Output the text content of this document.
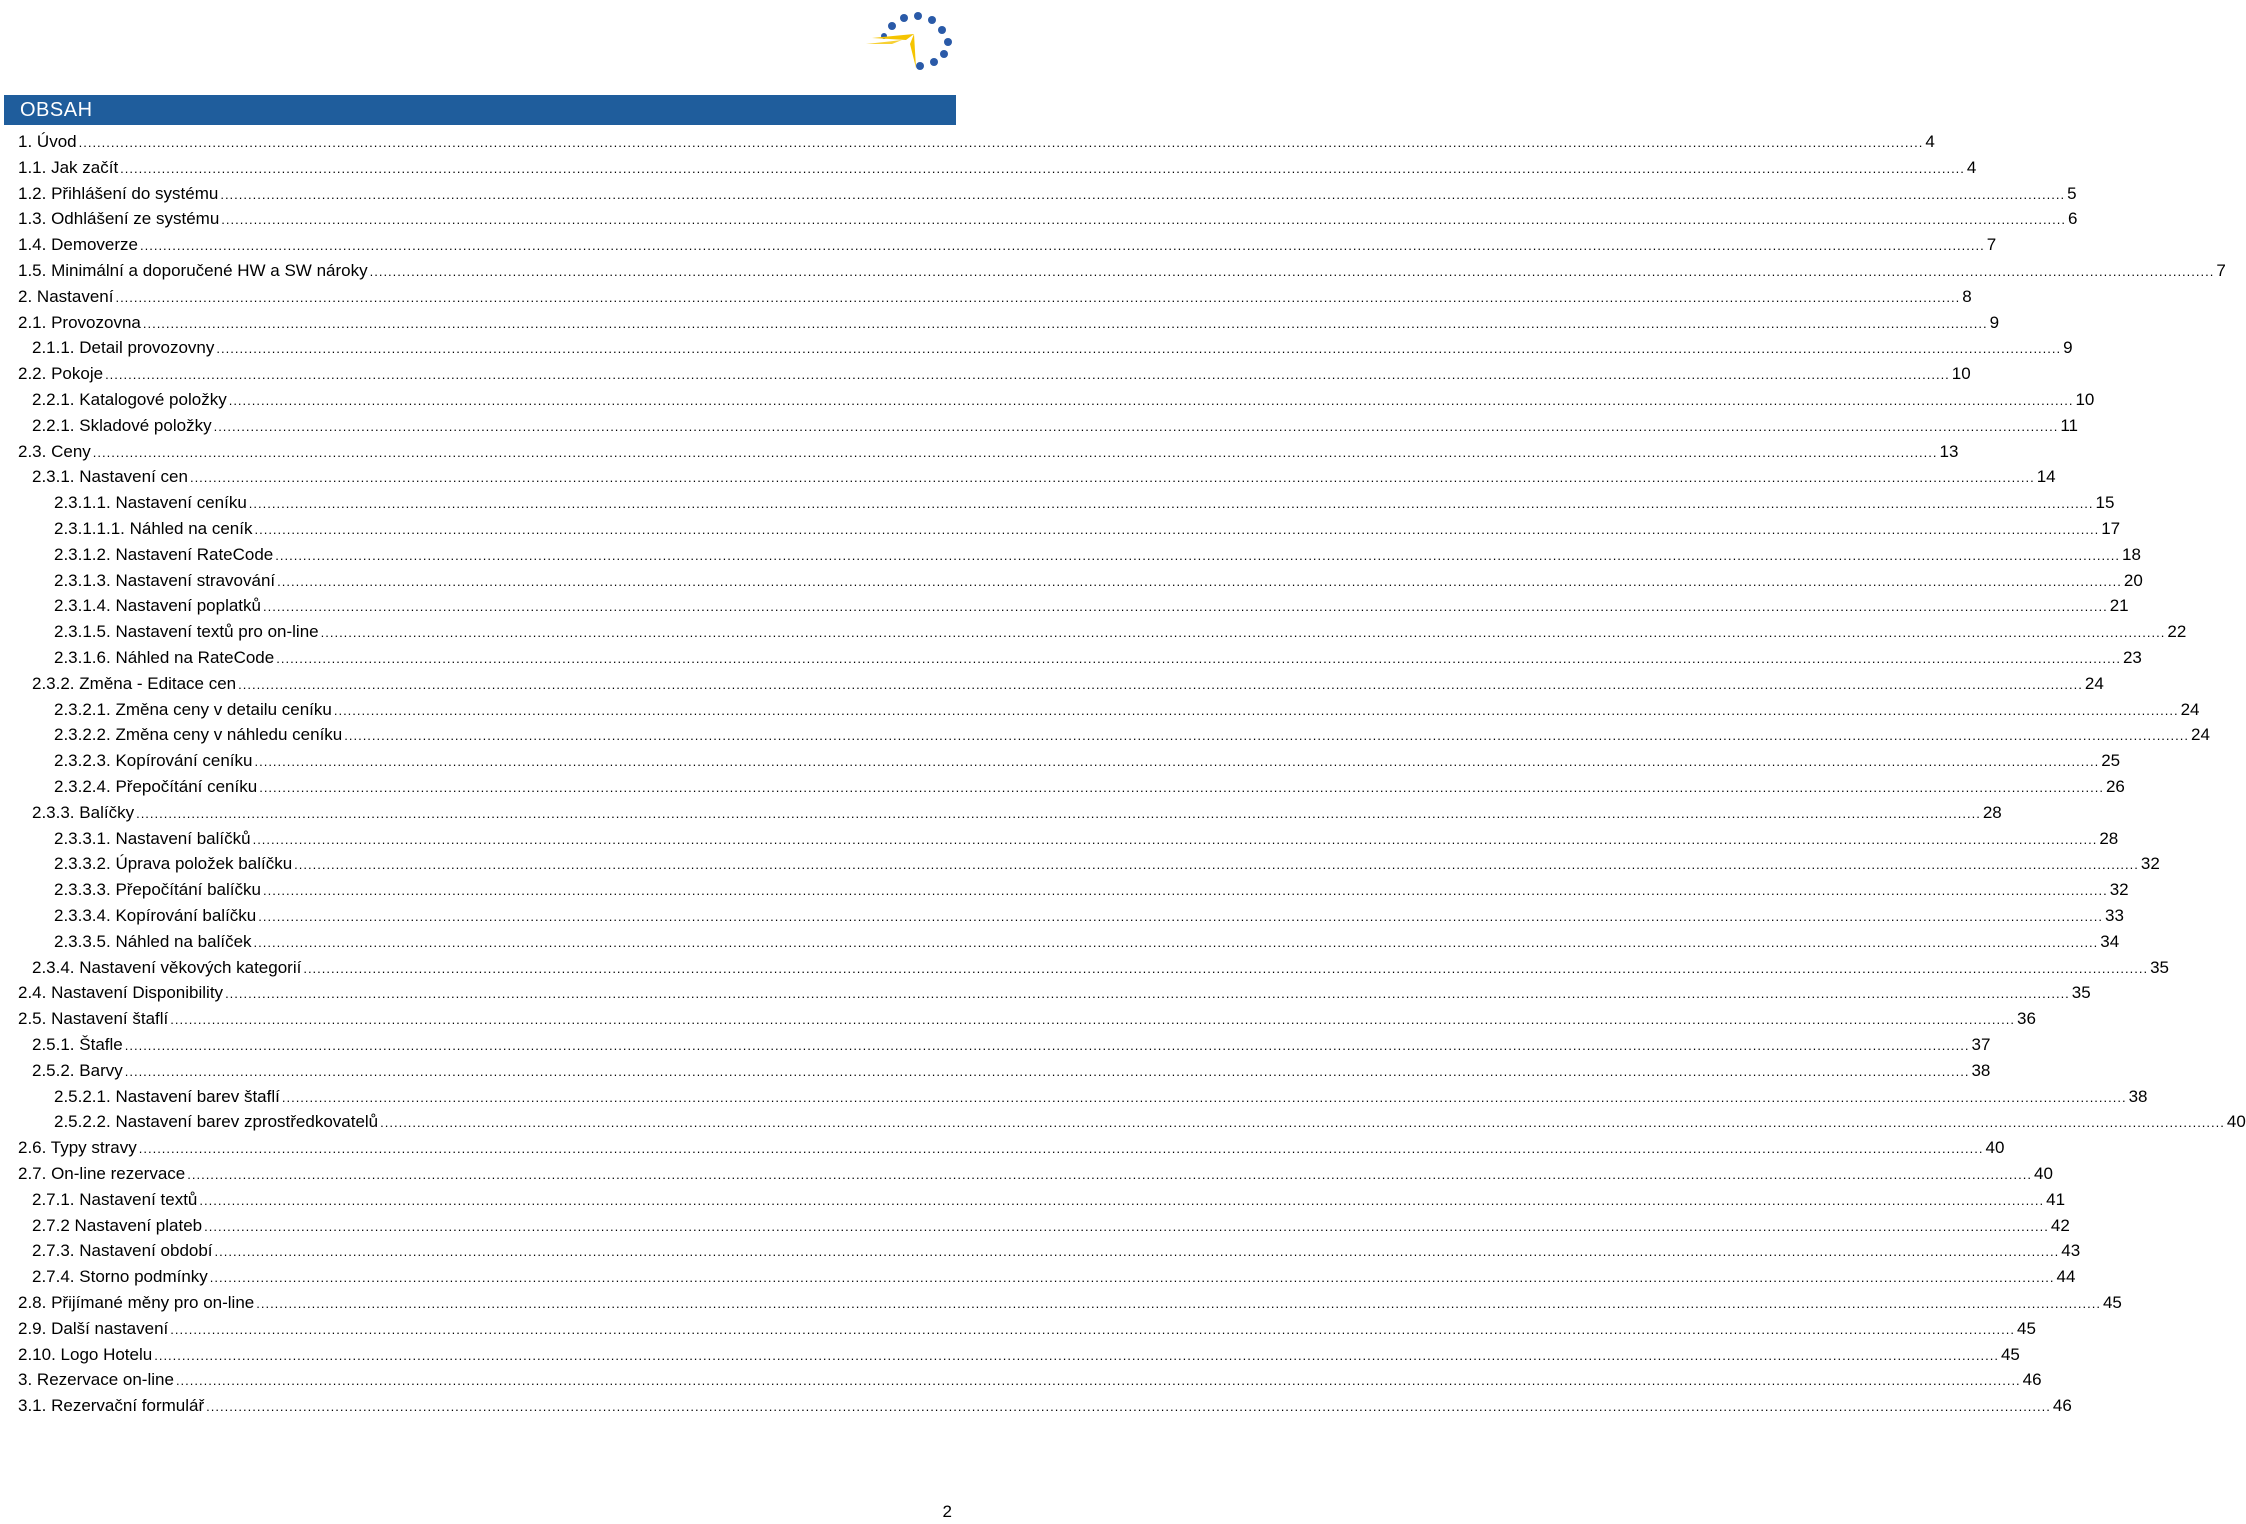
OBSAH
1. Úvod ................................................................................................................................................................................................................................................................................................................................................................................................................ 4
1.1. Jak začít ................................................................................................................................................................................................................................................................................................................................................................................................................ 4
1.2. Přihlášení do systému ................................................................................................................................................................................................................................................................................................................................................................................................................ 5
1.3. Odhlášení ze systému ................................................................................................................................................................................................................................................................................................................................................................................................................ 6
1.4. Demoverze ................................................................................................................................................................................................................................................................................................................................................................................................................ 7
1.5. Minimální a doporučené HW a SW nároky ................................................................................................................................................................................................................................................................................................................................................................................................................ 7
2. Nastavení ................................................................................................................................................................................................................................................................................................................................................................................................................ 8
2.1. Provozovna ................................................................................................................................................................................................................................................................................................................................................................................................................ 9
2.1.1. Detail provozovny ................................................................................................................................................................................................................................................................................................................................................................................................................ 9
2.2. Pokoje ................................................................................................................................................................................................................................................................................................................................................................................................................ 10
2.2.1. Katalogové položky ................................................................................................................................................................................................................................................................................................................................................................................................................ 10
2.2.1. Skladové položky ................................................................................................................................................................................................................................................................................................................................................................................................................ 11
2.3. Ceny ................................................................................................................................................................................................................................................................................................................................................................................................................ 13
2.3.1. Nastavení cen ................................................................................................................................................................................................................................................................................................................................................................................................................ 14
2.3.1.1. Nastavení ceníku ................................................................................................................................................................................................................................................................................................................................................................................................................ 15
2.3.1.1.1. Náhled na ceník ................................................................................................................................................................................................................................................................................................................................................................................................................ 17
2.3.1.2. Nastavení RateCode ................................................................................................................................................................................................................................................................................................................................................................................................................ 18
2.3.1.3. Nastavení stravování ................................................................................................................................................................................................................................................................................................................................................................................................................ 20
2.3.1.4. Nastavení poplatků ................................................................................................................................................................................................................................................................................................................................................................................................................ 21
2.3.1.5. Nastavení textů pro on-line ................................................................................................................................................................................................................................................................................................................................................................................................................ 22
2.3.1.6. Náhled na RateCode ................................................................................................................................................................................................................................................................................................................................................................................................................ 23
2.3.2. Změna - Editace cen ................................................................................................................................................................................................................................................................................................................................................................................................................ 24
2.3.2.1. Změna ceny v detailu ceníku ................................................................................................................................................................................................................................................................................................................................................................................................................ 24
2.3.2.2. Změna ceny v náhledu ceníku ................................................................................................................................................................................................................................................................................................................................................................................................................ 24
2.3.2.3. Kopírování ceníku ................................................................................................................................................................................................................................................................................................................................................................................................................ 25
2.3.2.4. Přepočítání ceníku ................................................................................................................................................................................................................................................................................................................................................................................................................ 26
2.3.3. Balíčky ................................................................................................................................................................................................................................................................................................................................................................................................................ 28
2.3.3.1. Nastavení balíčků ................................................................................................................................................................................................................................................................................................................................................................................................................ 28
2.3.3.2. Úprava položek balíčku ................................................................................................................................................................................................................................................................................................................................................................................................................ 32
2.3.3.3. Přepočítání balíčku ................................................................................................................................................................................................................................................................................................................................................................................................................ 32
2.3.3.4. Kopírování balíčku ................................................................................................................................................................................................................................................................................................................................................................................................................ 33
2.3.3.5. Náhled na balíček ................................................................................................................................................................................................................................................................................................................................................................................................................ 34
2.3.4. Nastavení věkových kategorií ................................................................................................................................................................................................................................................................................................................................................................................................................ 35
2.4. Nastavení Disponibility ................................................................................................................................................................................................................................................................................................................................................................................................................ 35
2.5. Nastavení štaflí ................................................................................................................................................................................................................................................................................................................................................................................................................ 36
2.5.1. Štafle ................................................................................................................................................................................................................................................................................................................................................................................................................ 37
2.5.2. Barvy ................................................................................................................................................................................................................................................................................................................................................................................................................ 38
2.5.2.1. Nastavení barev štaflí ................................................................................................................................................................................................................................................................................................................................................................................................................ 38
2.5.2.2. Nastavení barev zprostředkovatelů ................................................................................................................................................................................................................................................................................................................................................................................................................ 40
2.6. Typy stravy ................................................................................................................................................................................................................................................................................................................................................................................................................ 40
2.7. On-line rezervace ................................................................................................................................................................................................................................................................................................................................................................................................................ 40
2.7.1. Nastavení textů ................................................................................................................................................................................................................................................................................................................................................................................................................ 41
2.7.2 Nastavení plateb ................................................................................................................................................................................................................................................................................................................................................................................................................ 42
2.7.3. Nastavení období ................................................................................................................................................................................................................................................................................................................................................................................................................ 43
2.7.4. Storno podmínky ................................................................................................................................................................................................................................................................................................................................................................................................................ 44
2.8. Přijímané měny pro on-line ................................................................................................................................................................................................................................................................................................................................................................................................................ 45
2.9. Další nastavení ................................................................................................................................................................................................................................................................................................................................................................................................................ 45
2.10. Logo Hotelu ................................................................................................................................................................................................................................................................................................................................................................................................................ 45
3. Rezervace on-line ................................................................................................................................................................................................................................................................................................................................................................................................................ 46
3.1. Rezervační formulář ................................................................................................................................................................................................................................................................................................................................................................................................................ 46
2
